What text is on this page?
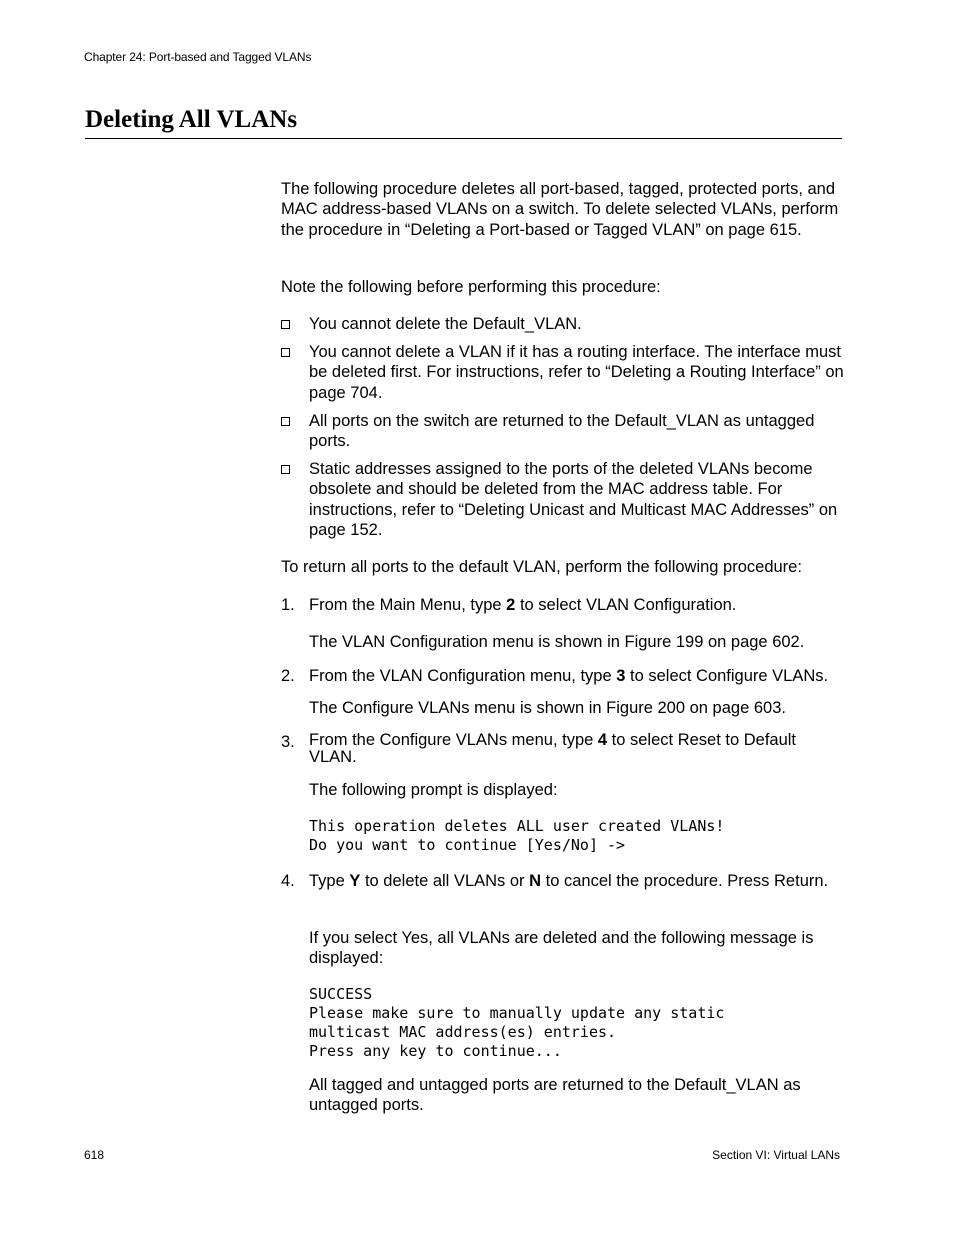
Chapter 24: Port-based and Tagged VLANs
Deleting All VLANs

The following procedure deletes all port-based, tagged, protected ports, and MAC address-based VLANs on a switch. To delete selected VLANs, perform the procedure in “Deleting a Port-based or Tagged VLAN” on page 615.

Note the following before performing this procedure:

You cannot delete the Default_VLAN.
You cannot delete a VLAN if it has a routing interface. The interface must be deleted first. For instructions, refer to “Deleting a Routing Interface” on page 704.
All ports on the switch are returned to the Default_VLAN as untagged ports.
Static addresses assigned to the ports of the deleted VLANs become obsolete and should be deleted from the MAC address table. For instructions, refer to “Deleting Unicast and Multicast MAC Addresses” on page 152.

To return all ports to the default VLAN, perform the following procedure:

1. From the Main Menu, type 2 to select VLAN Configuration.
The VLAN Configuration menu is shown in Figure 199 on page 602.
2. From the VLAN Configuration menu, type 3 to select Configure VLANs.
The Configure VLANs menu is shown in Figure 200 on page 603.
3. From the Configure VLANs menu, type 4 to select Reset to Default VLAN.
The following prompt is displayed:
This operation deletes ALL user created VLANs!
Do you want to continue [Yes/No] ->
4. Type Y to delete all VLANs or N to cancel the procedure. Press Return.
If you select Yes, all VLANs are deleted and the following message is displayed:
SUCCESS
Please make sure to manually update any static
multicast MAC address(es) entries.
Press any key to continue...
All tagged and untagged ports are returned to the Default_VLAN as untagged ports.
618	Section VI: Virtual LANs
